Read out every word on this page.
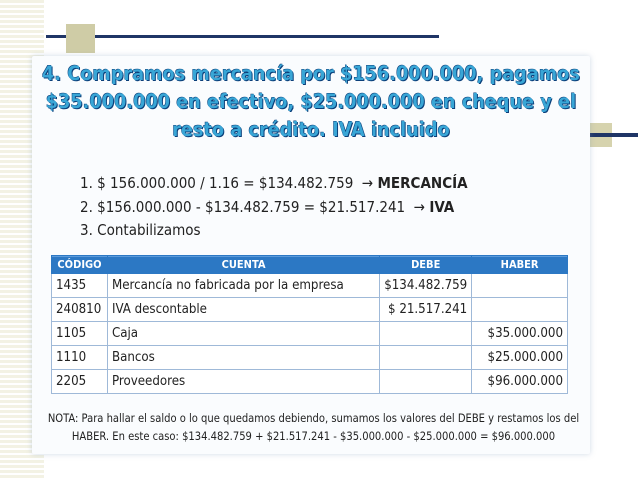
4. Compramos mercancía por $156.000.000, pagamos $35.000.000 en efectivo, $25.000.000 en cheque y el resto a crédito. IVA incluido
1. $ 156.000.000 / 1.16 = $134.482.759 → MERCANCÍA
2. $156.000.000 - $134.482.759 = $21.517.241 → IVA
3. Contabilizamos
CÓDIGO	CUENTA	DEBE	HABER
1435	Mercancía no fabricada por la empresa	$134.482.759	
240810	IVA descontable	$ 21.517.241	
1105	Caja		$35.000.000
1110	Bancos		$25.000.000
2205	Proveedores		$96.000.000

NOTA: Para hallar el saldo o lo que quedamos debiendo, sumamos los valores del DEBE y restamos los del HABER. En este caso: $134.482.759 + $21.517.241 - $35.000.000 - $25.000.000 = $96.000.000
